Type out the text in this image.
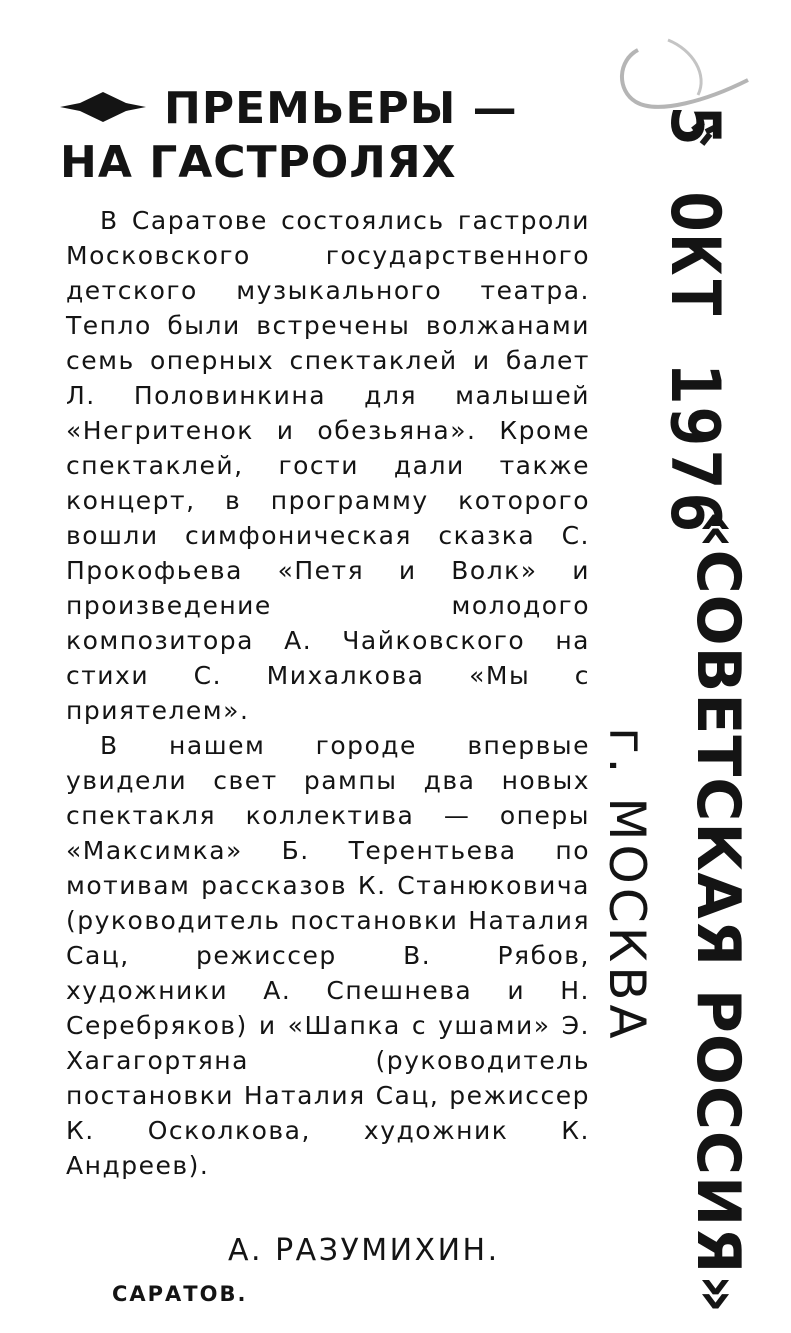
ПРЕМЬЕРЫ —
НА ГАСТРОЛЯХ

В Саратове состоялись гастроли Московского государственного детского музыкального театра. Тепло были встречены волжанами семь оперных спектаклей и балет Л. Половинкина для малышей «Негритенок и обезьяна». Кроме спектаклей, гости дали также концерт, в программу которого вошли симфоническая сказка С. Прокофьева «Петя и Волк» и произведение молодого композитора А. Чайковского на стихи С. Михалкова «Мы с приятелем».

В нашем городе впервые увидели свет рампы два новых спектакля коллектива — оперы «Максимка» Б. Терентьева по мотивам рассказов К. Станюковича (руководитель постановки Наталия Сац, режиссер В. Рябов, художники А. Спешнева и Н. Серебряков) и «Шапка с ушами» Э. Хагагортяна (руководитель постановки Наталия Сац, режиссер К. Осколкова, художник К. Андреев).

А. РАЗУМИХИН.
САРАТОВ.
5 ОКТ 1976
«СОВЕТСКАЯ РОССИЯ»
г. МОСКВА
